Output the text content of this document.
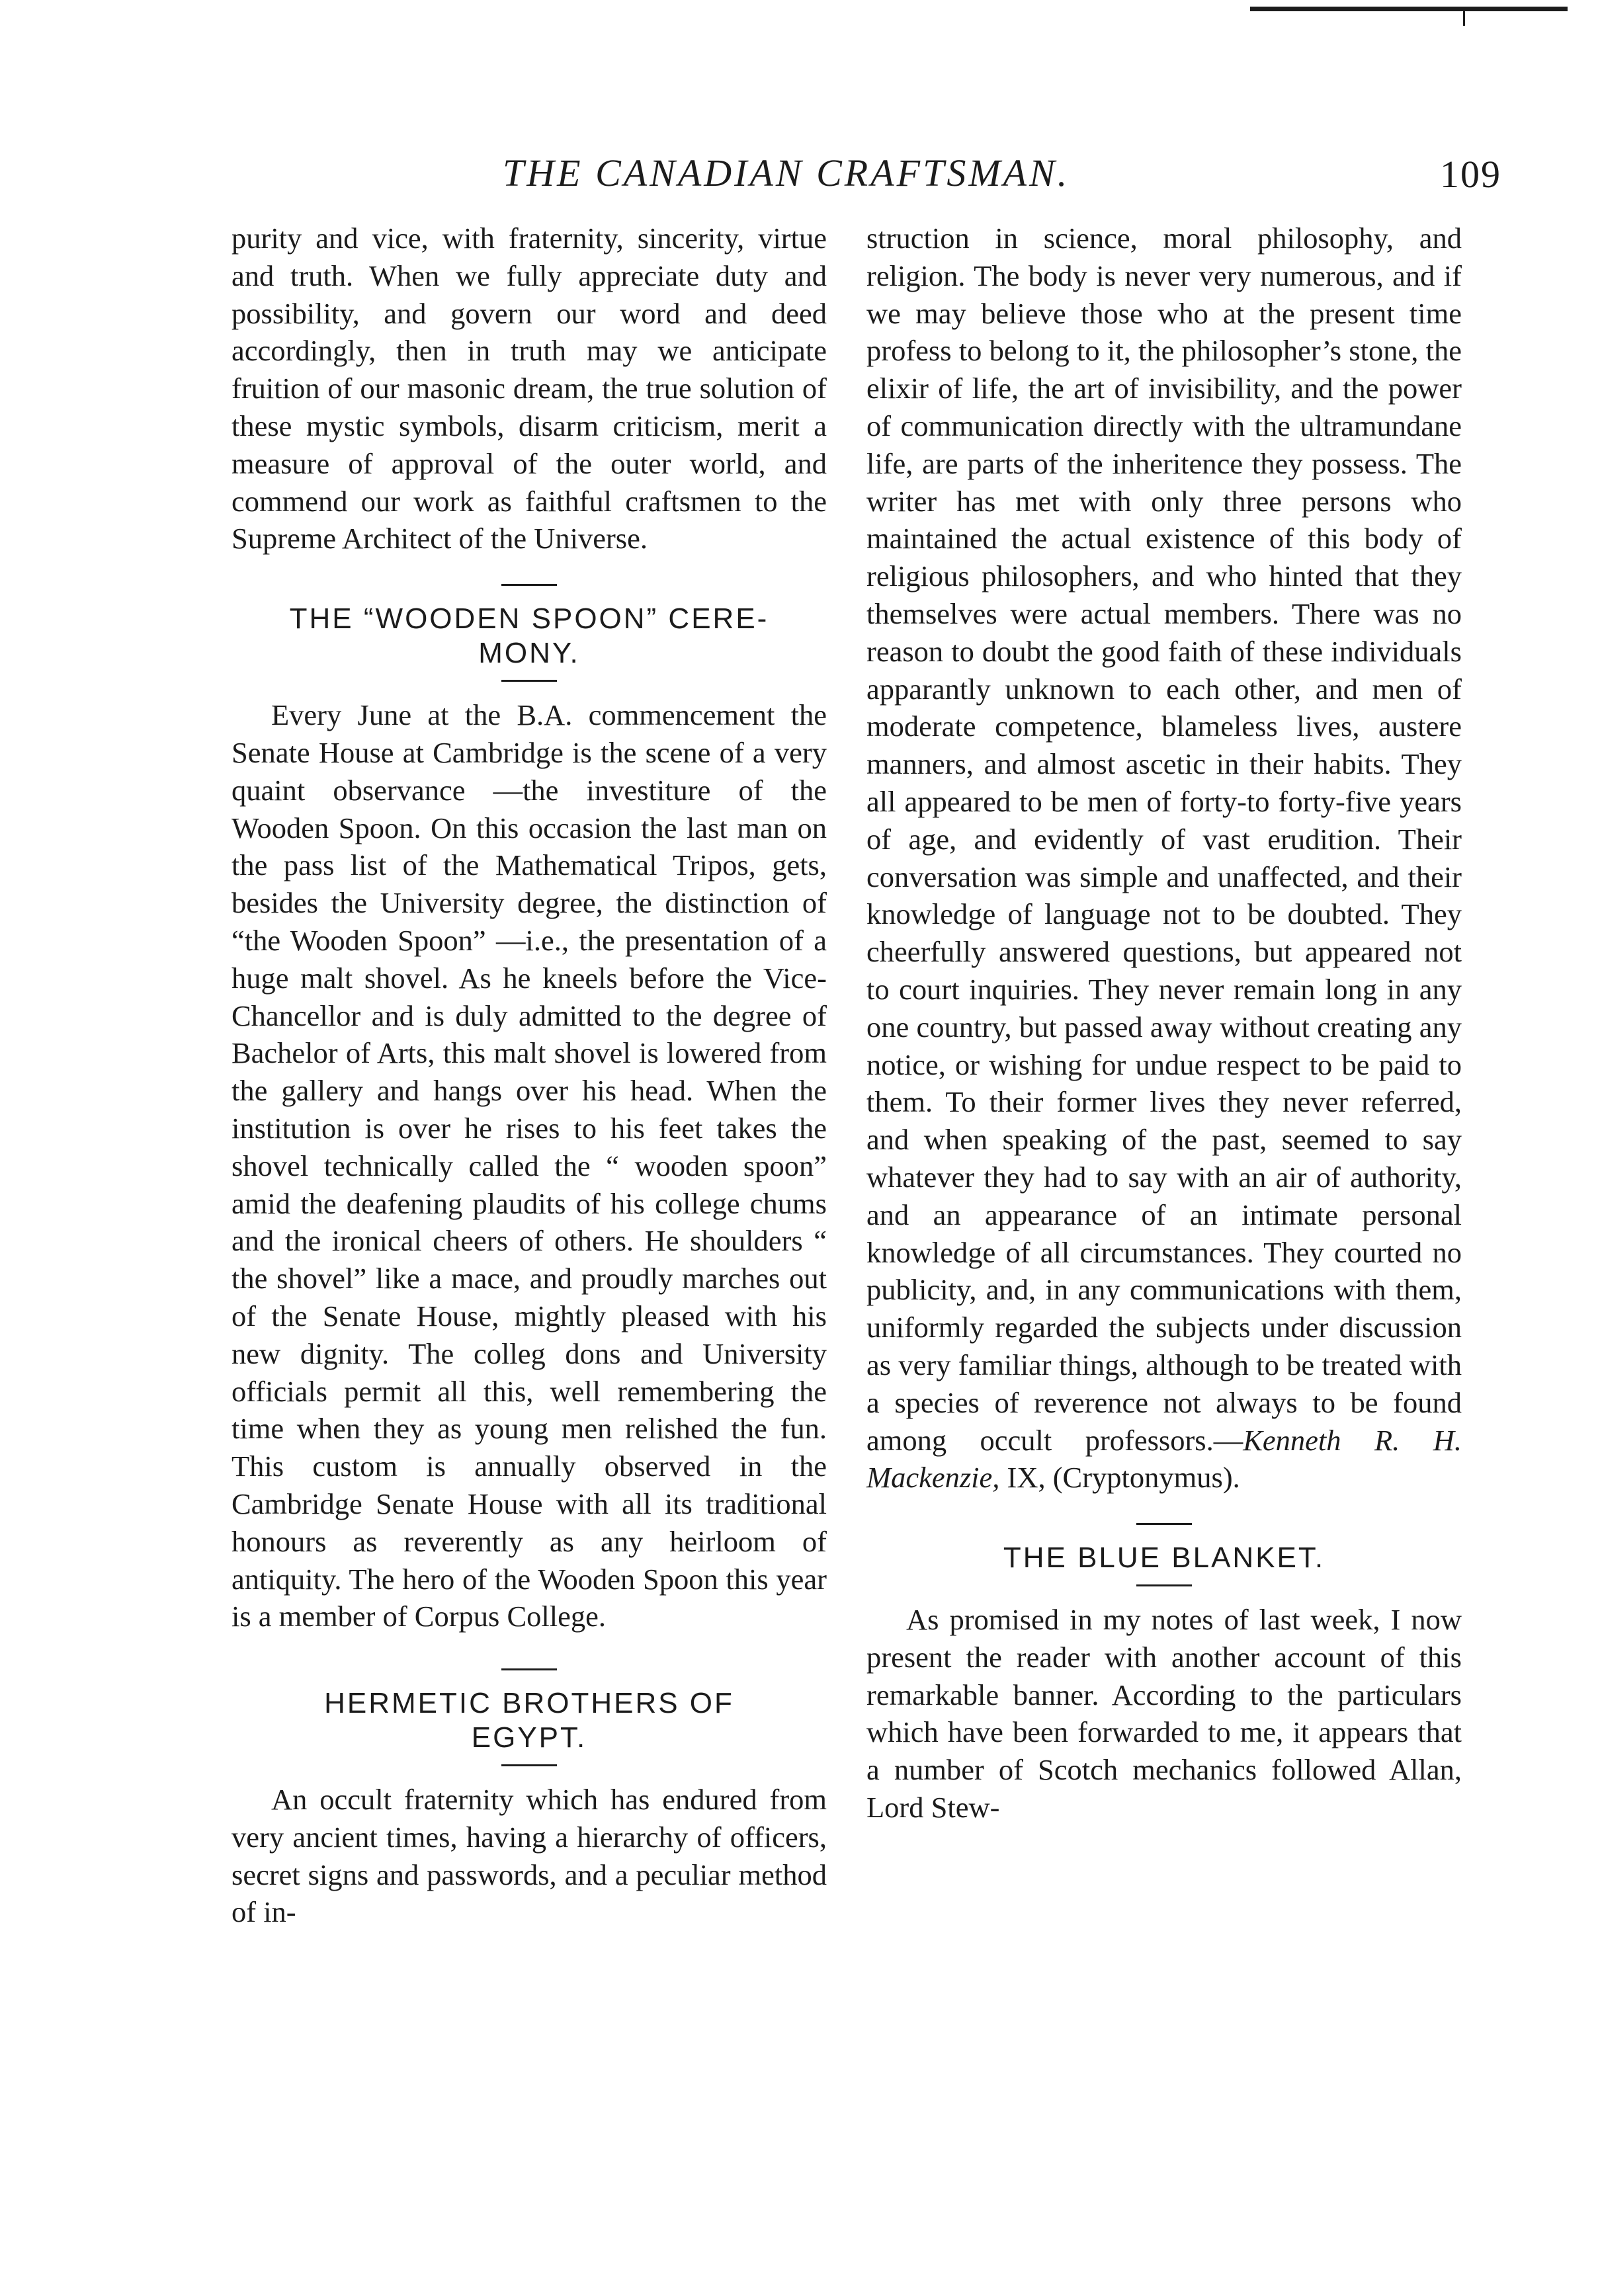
THE CANADIAN CRAFTSMAN.	109

purity and vice, with fraternity, sincerity, virtue and truth. When we fully appreciate duty and possibility, and govern our word and deed accordingly, then in truth may we anticipate fruition of our masonic dream, the true solution of these mystic symbols, disarm criticism, merit a measure of approval of the outer world, and commend our work as faithful craftsmen to the Supreme Architect of the Universe.

THE “WOODEN SPOON” CERE-

MONY.

Every June at the B.A. commencement the Senate House at Cambridge is the scene of a very quaint observance —the investiture of the Wooden Spoon. On this occasion the last man on the pass list of the Mathematical Tripos, gets, besides the University degree, the distinction of “the Wooden Spoon” —i.e., the presentation of a huge malt shovel. As he kneels before the Vice-Chancellor and is duly admitted to the degree of Bachelor of Arts, this malt shovel is lowered from the gallery and hangs over his head. When the institution is over he rises to his feet takes the shovel technically called the “ wooden spoon” amid the deafening plaudits of his college chums and the ironical cheers of others. He shoulders “ the shovel” like a mace, and proudly marches out of the Senate House, mightly pleased with his new dignity. The colleg dons and University officials permit all this, well remembering the time when they as young men relished the fun. This custom is annually observed in the Cambridge Senate House with all its traditional honours as reverently as any heirloom of antiquity. The hero of the Wooden Spoon this year is a member of Corpus College.

HERMETIC BROTHERS OF

EGYPT.

An occult fraternity which has endured from very ancient times, having a hierarchy of officers, secret signs and passwords, and a peculiar method of in-

struction in science, moral philosophy, and religion. The body is never very numerous, and if we may believe those who at the present time profess to belong to it, the philosopher’s stone, the elixir of life, the art of invisibility, and the power of communication directly with the ultramundane life, are parts of the inheritence they possess. The writer has met with only three persons who maintained the actual existence of this body of religious philosophers, and who hinted that they themselves were actual members. There was no reason to doubt the good faith of these individuals apparantly unknown to each other, and men of moderate competence, blameless lives, austere manners, and almost ascetic in their habits. They all appeared to be men of forty-to forty-five years of age, and evidently of vast erudition. Their conversation was simple and unaffected, and their knowledge of language not to be doubted. They cheerfully answered questions, but appeared not to court inquiries. They never remain long in any one country, but passed away without creating any notice, or wishing for undue respect to be paid to them. To their former lives they never referred, and when speaking of the past, seemed to say whatever they had to say with an air of authority, and an appearance of an intimate personal knowledge of all circumstances. They courted no publicity, and, in any communications with them, uniformly regarded the subjects under discussion as very familiar things, although to be treated with a species of reverence not always to be found among occult professors.—Kenneth R. H. Mackenzie, IX, (Cryptonymus).

THE BLUE BLANKET.

As promised in my notes of last week, I now present the reader with another account of this remarkable banner. According to the particulars which have been forwarded to me, it appears that a number of Scotch mechanics followed Allan, Lord Stew-
